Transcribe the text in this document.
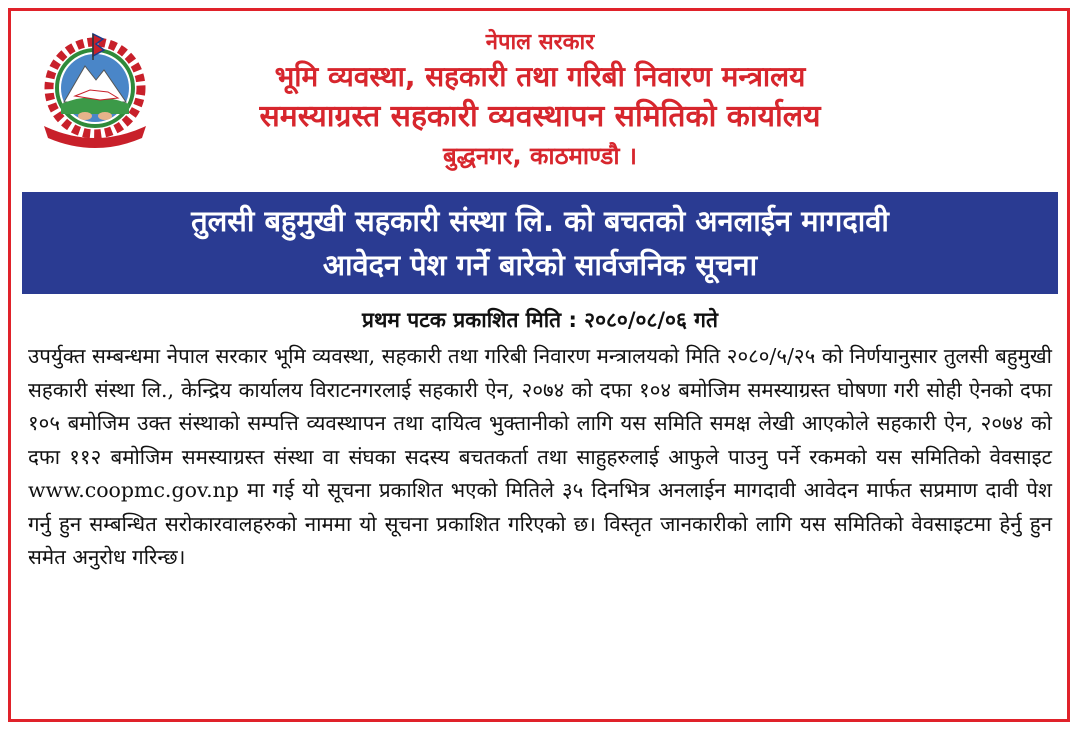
नेपाल सरकार
भूमि व्यवस्था, सहकारी तथा गरिबी निवारण मन्त्रालय
समस्याग्रस्त सहकारी व्यवस्थापन समितिको कार्यालय
बुद्धनगर, काठमाण्डौ ।
तुलसी बहुमुखी सहकारी संस्था लि. को बचतको अनलाईन मागदावी
आवेदन पेश गर्ने बारेको सार्वजनिक सूचना
प्रथम पटक प्रकाशित मिति : २०८०/०८/०६ गते
उपर्युक्त सम्बन्धमा नेपाल सरकार भूमि व्यवस्था, सहकारी तथा गरिबी निवारण मन्त्रालयको मिति २०८०/५/२५ को निर्णयानुसार तुलसी बहुमुखी सहकारी संस्था लि., केन्द्रिय कार्यालय विराटनगरलाई सहकारी ऐन, २०७४ को दफा १०४ बमोजिम समस्याग्रस्त घोषणा गरी सोही ऐनको दफा १०५ बमोजिम उक्त संस्थाको सम्पत्ति व्यवस्थापन तथा दायित्व भुक्तानीको लागि यस समिति समक्ष लेखी आएकोले सहकारी ऐन, २०७४ को दफा ११२ बमोजिम समस्याग्रस्त संस्था वा संघका सदस्य बचतकर्ता तथा साहुहरुलाई आफुले पाउनु पर्ने रकमको यस समितिको वेवसाइट www.coopmc.gov.np मा गई यो सूचना प्रकाशित भएको मितिले ३५ दिनभित्र अनलाईन मागदावी आवेदन मार्फत सप्रमाण दावी पेश गर्नु हुन सम्बन्धित सरोकारवालहरुको नाममा यो सूचना प्रकाशित गरिएको छ। विस्तृत जानकारीको लागि यस समितिको वेवसाइटमा हेर्नु हुन समेत अनुरोध गरिन्छ।
